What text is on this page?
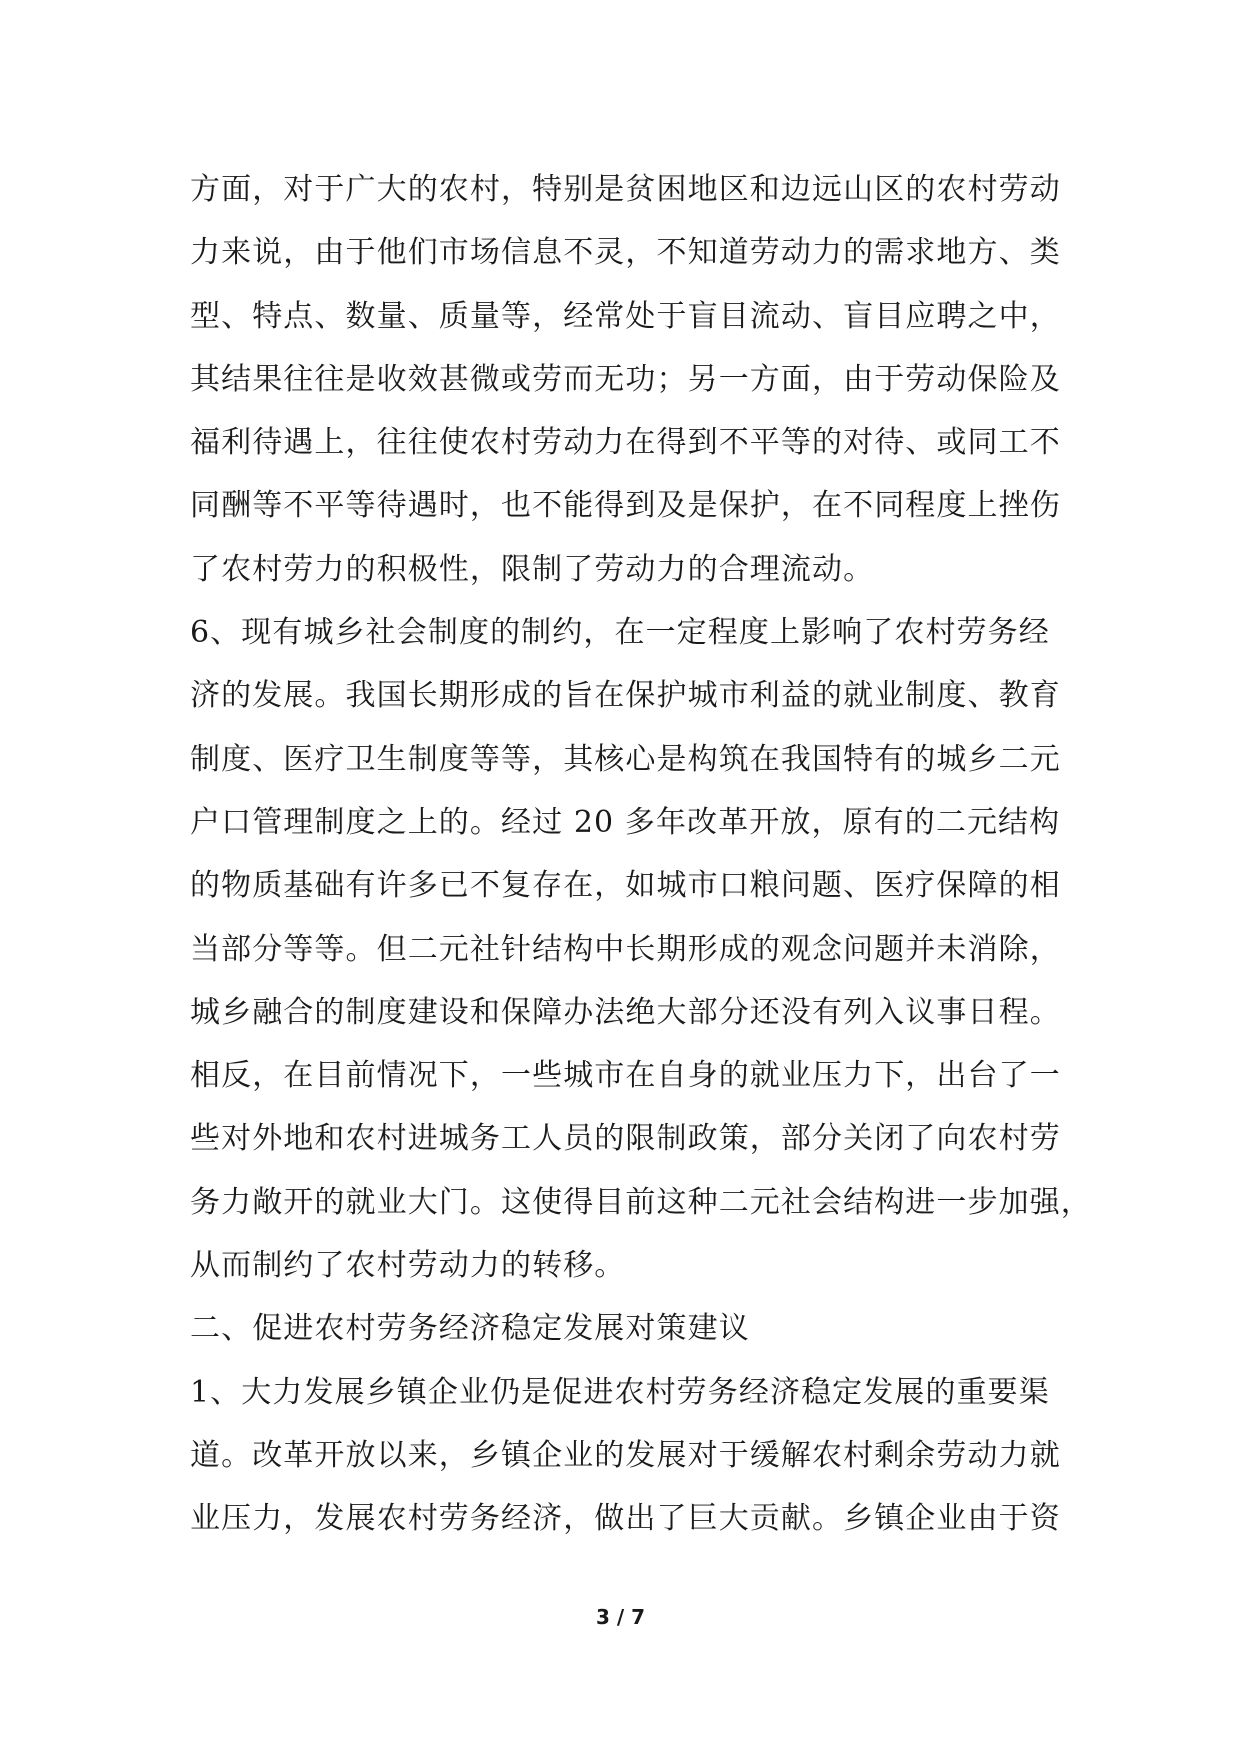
方面，对于广大的农村，特别是贫困地区和边远山区的农村劳动
力来说，由于他们市场信息不灵，不知道劳动力的需求地方、类
型、特点、数量、质量等，经常处于盲目流动、盲目应聘之中，
其结果往往是收效甚微或劳而无功；另一方面，由于劳动保险及
福利待遇上，往往使农村劳动力在得到不平等的对待、或同工不
同酬等不平等待遇时，也不能得到及是保护，在不同程度上挫伤
了农村劳力的积极性，限制了劳动力的合理流动。
6、现有城乡社会制度的制约，在一定程度上影响了农村劳务经
济的发展。我国长期形成的旨在保护城市利益的就业制度、教育
制度、医疗卫生制度等等，其核心是构筑在我国特有的城乡二元
户口管理制度之上的。经过 20 多年改革开放，原有的二元结构
的物质基础有许多已不复存在，如城市口粮问题、医疗保障的相
当部分等等。但二元社针结构中长期形成的观念问题并未消除，
城乡融合的制度建设和保障办法绝大部分还没有列入议事日程。
相反，在目前情况下，一些城市在自身的就业压力下，出台了一
些对外地和农村进城务工人员的限制政策，部分关闭了向农村劳
务力敞开的就业大门。这使得目前这种二元社会结构进一步加强，
从而制约了农村劳动力的转移。
二、促进农村劳务经济稳定发展对策建议
1、大力发展乡镇企业仍是促进农村劳务经济稳定发展的重要渠
道。改革开放以来，乡镇企业的发展对于缓解农村剩余劳动力就
业压力，发展农村劳务经济，做出了巨大贡献。乡镇企业由于资
3 / 7
